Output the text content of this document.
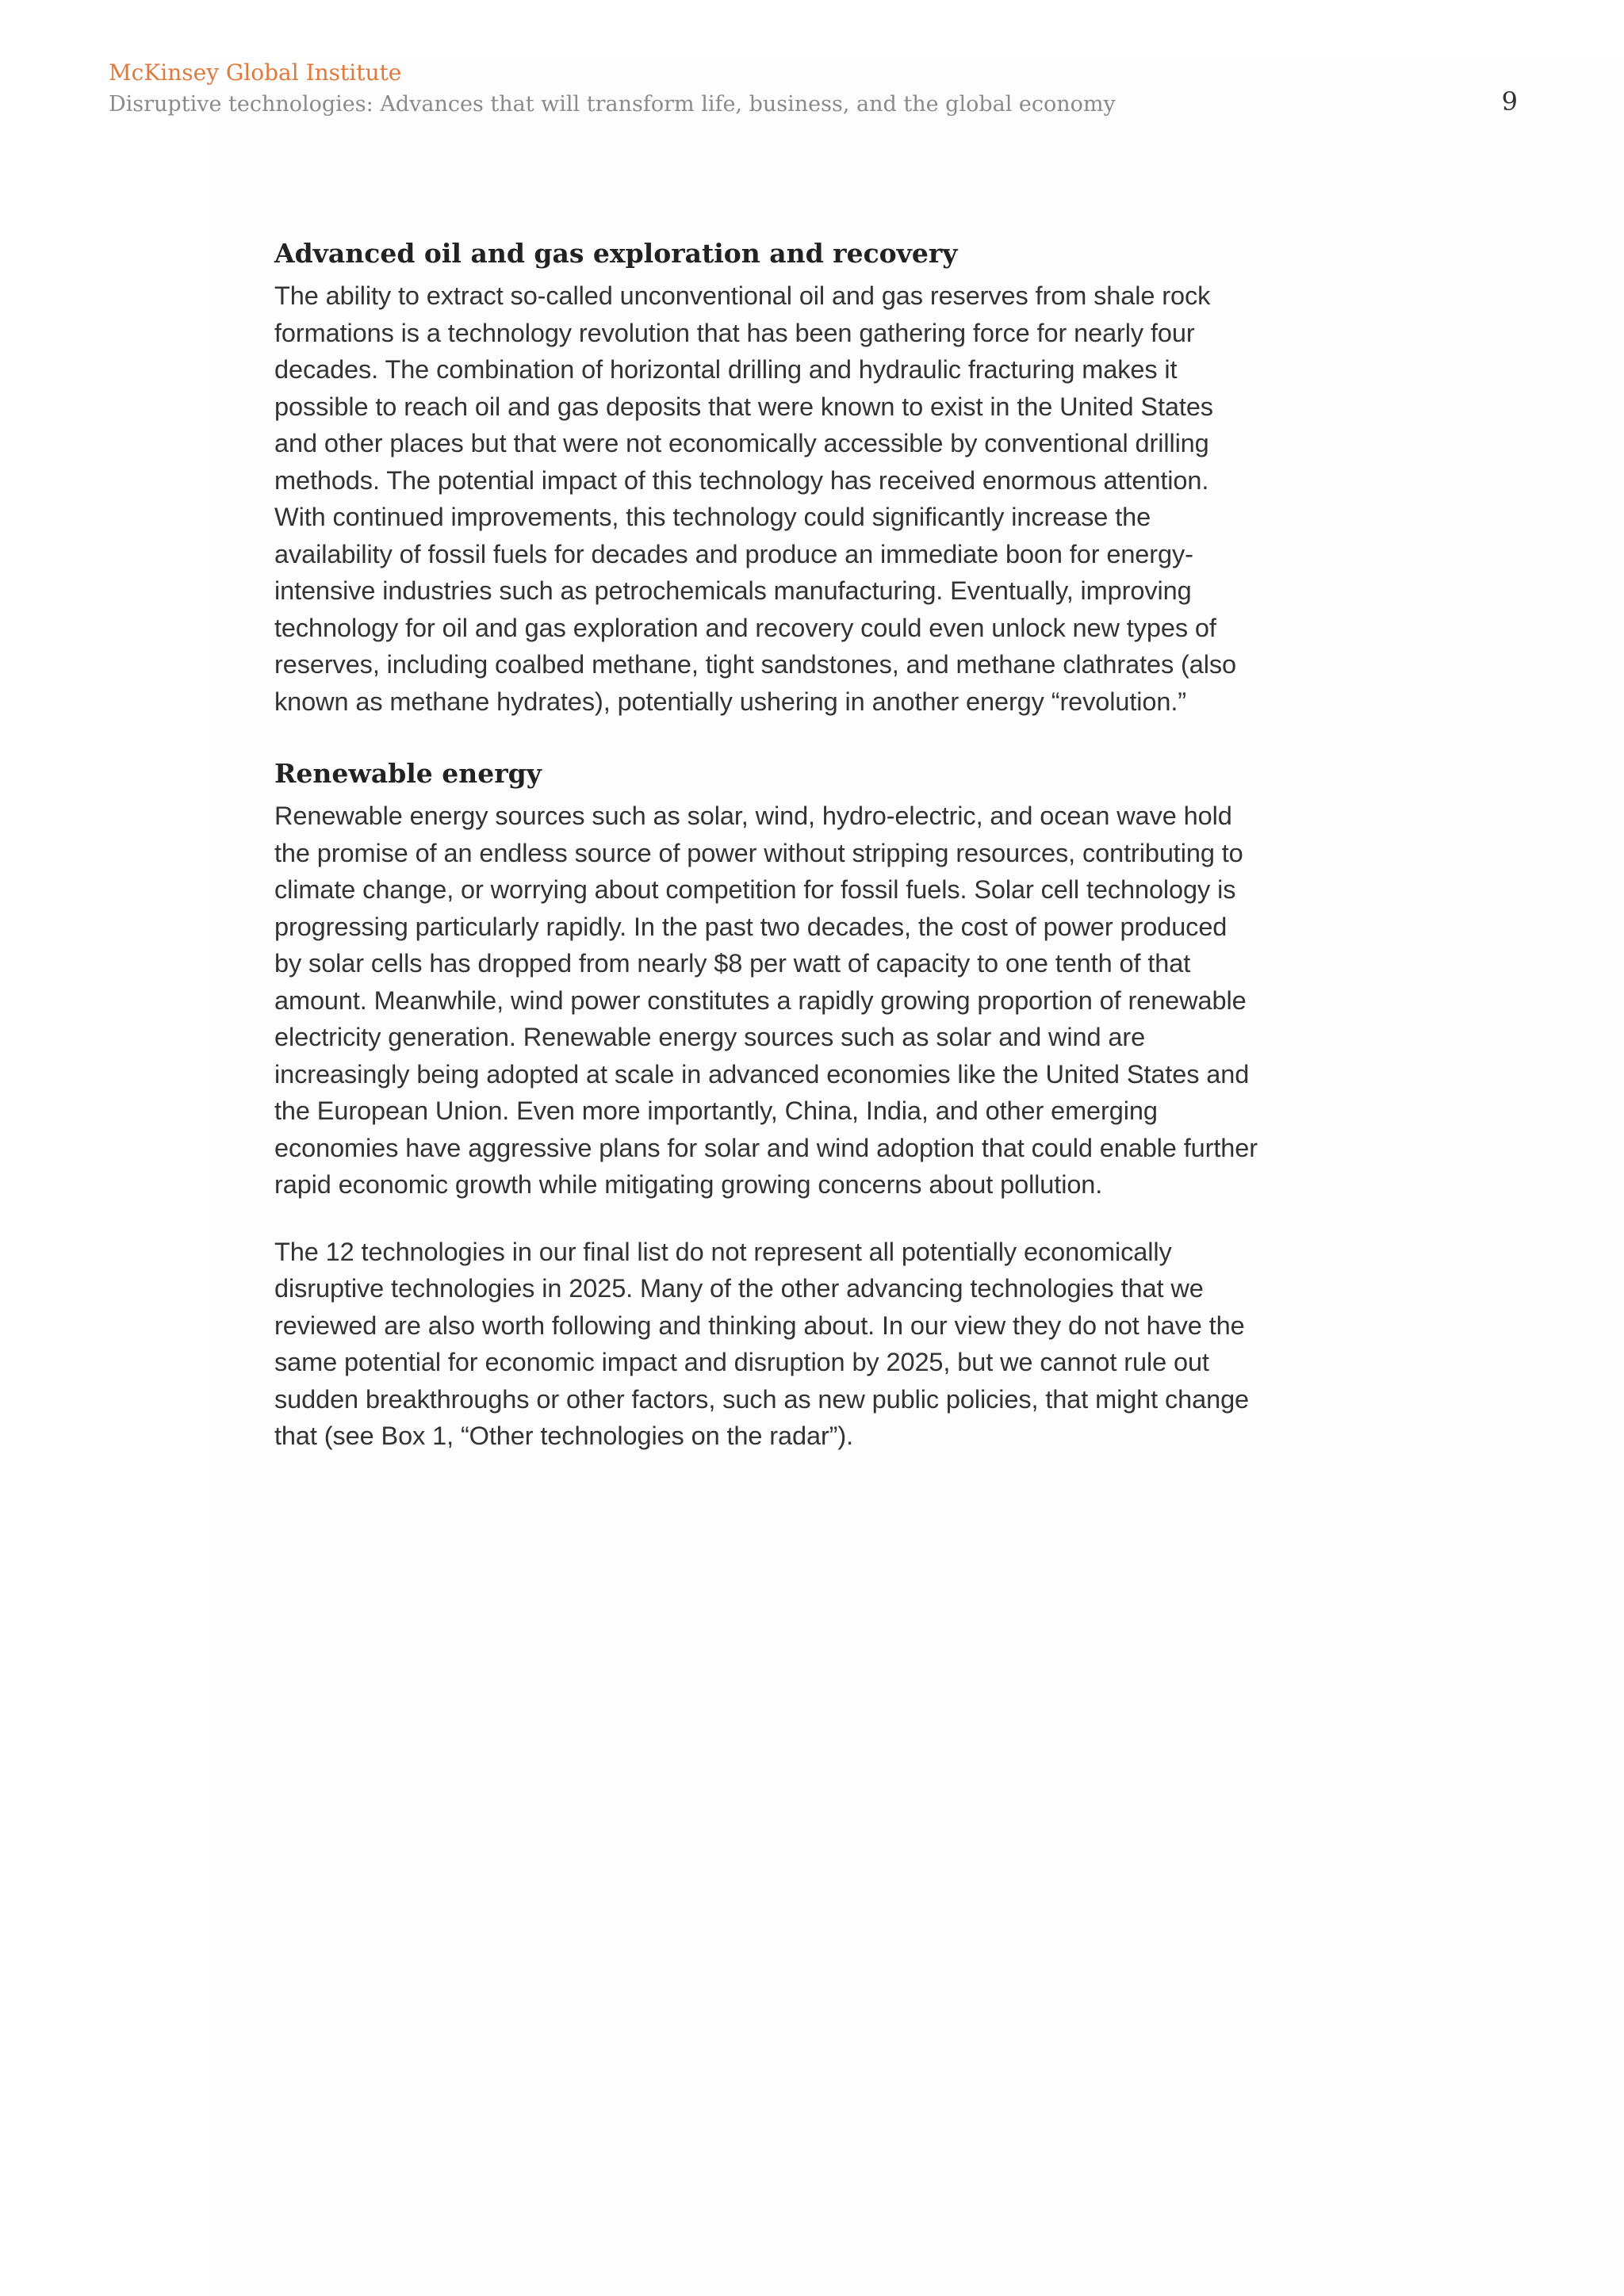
McKinsey Global Institute

Disruptive technologies: Advances that will transform life, business, and the global economy	9
Advanced oil and gas exploration and recovery

The ability to extract so-called unconventional oil and gas reserves from shale rock formations is a technology revolution that has been gathering force for nearly four decades. The combination of horizontal drilling and hydraulic fracturing makes it possible to reach oil and gas deposits that were known to exist in the United States and other places but that were not economically accessible by conventional drilling methods. The potential impact of this technology has received enormous attention. With continued improvements, this technology could significantly increase the availability of fossil fuels for decades and produce an immediate boon for energy-intensive industries such as petrochemicals manufacturing. Eventually, improving technology for oil and gas exploration and recovery could even unlock new types of reserves, including coalbed methane, tight sandstones, and methane clathrates (also known as methane hydrates), potentially ushering in another energy “revolution.”

Renewable energy

Renewable energy sources such as solar, wind, hydro-electric, and ocean wave hold the promise of an endless source of power without stripping resources, contributing to climate change, or worrying about competition for fossil fuels. Solar cell technology is progressing particularly rapidly. In the past two decades, the cost of power produced by solar cells has dropped from nearly $8 per watt of capacity to one tenth of that amount. Meanwhile, wind power constitutes a rapidly growing proportion of renewable electricity generation. Renewable energy sources such as solar and wind are increasingly being adopted at scale in advanced economies like the United States and the European Union. Even more importantly, China, India, and other emerging economies have aggressive plans for solar and wind adoption that could enable further rapid economic growth while mitigating growing concerns about pollution.

The 12 technologies in our final list do not represent all potentially economically disruptive technologies in 2025. Many of the other advancing technologies that we reviewed are also worth following and thinking about. In our view they do not have the same potential for economic impact and disruption by 2025, but we cannot rule out sudden breakthroughs or other factors, such as new public policies, that might change that (see Box 1, “Other technologies on the radar”).
